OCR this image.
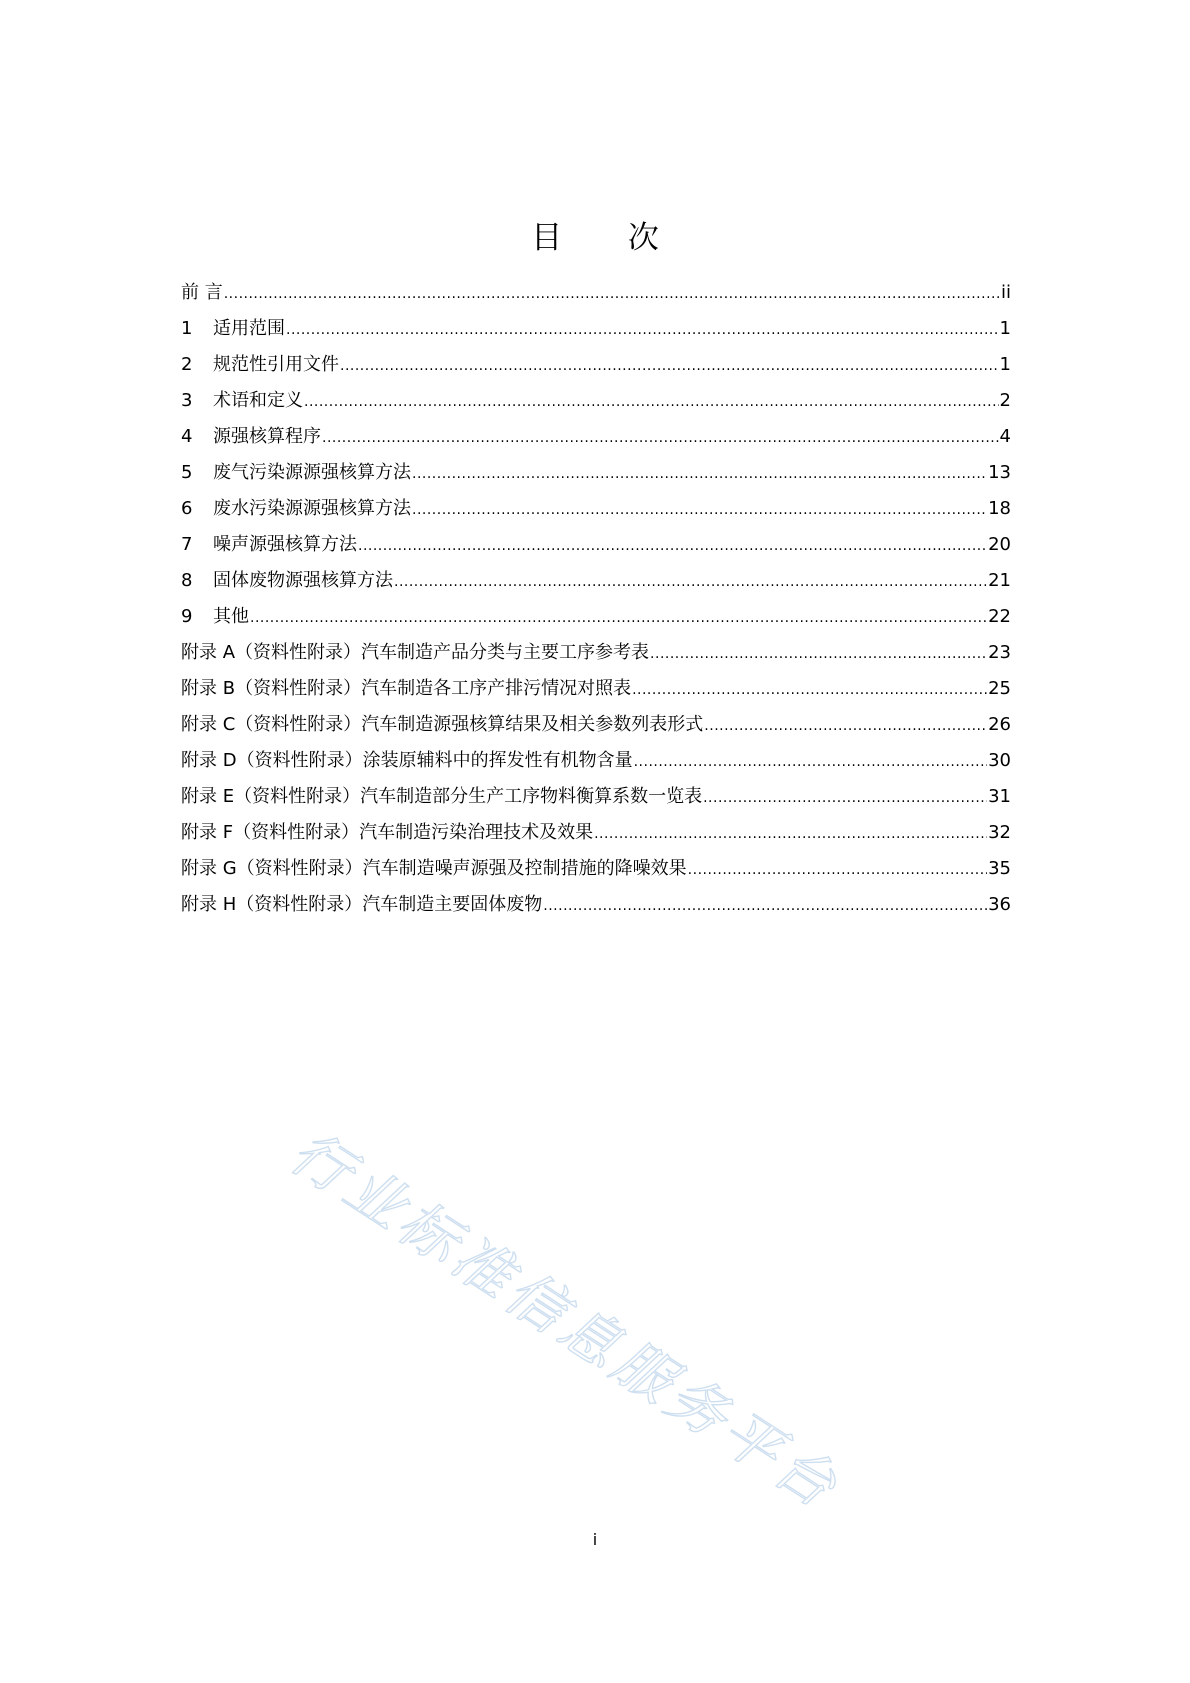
目 次
前 言 .....	ii
1	适用范围 .....	1
2	规范性引用文件 .....	1
3	术语和定义 .....	2
4	源强核算程序 .....	4
5	废气污染源源强核算方法 .....	13
6	废水污染源源强核算方法 .....	18
7	噪声源强核算方法 .....	20
8	固体废物源强核算方法 .....	21
9	其他 .....	22
附录 A（资料性附录）汽车制造产品分类与主要工序参考表 .....	23
附录 B（资料性附录）汽车制造各工序产排污情况对照表 .....	25
附录 C（资料性附录）汽车制造源强核算结果及相关参数列表形式 .....	26
附录 D（资料性附录）涂装原辅料中的挥发性有机物含量 .....	30
附录 E（资料性附录）汽车制造部分生产工序物料衡算系数一览表 .....	31
附录 F（资料性附录）汽车制造污染治理技术及效果 .....	32
附录 G（资料性附录）汽车制造噪声源强及控制措施的降噪效果 .....	35
附录 H（资料性附录）汽车制造主要固体废物 .....	36
行业标准信息服务平台
i
